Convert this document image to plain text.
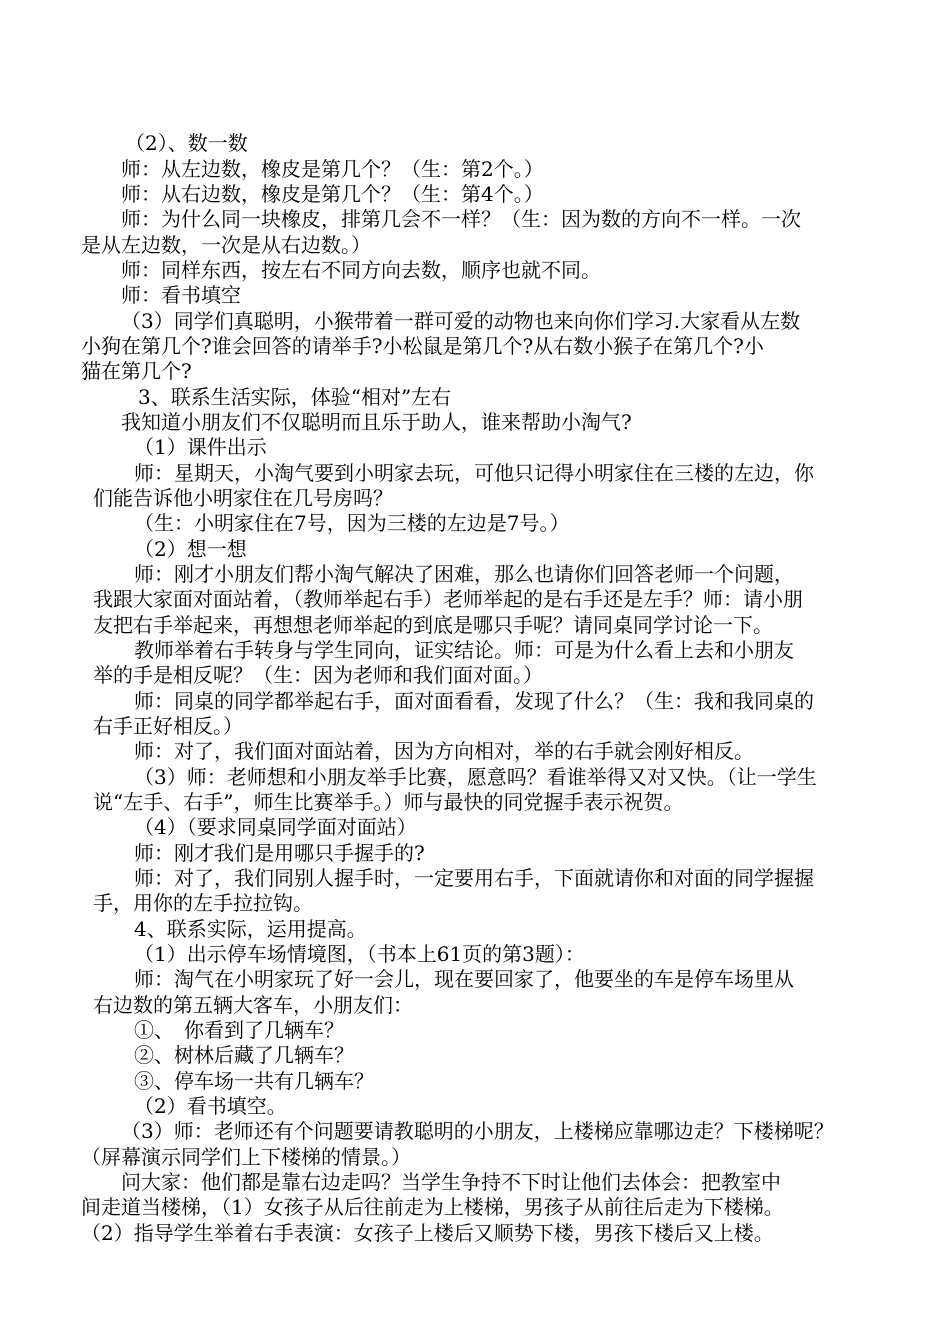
（2）、数一数

师：从左边数，橡皮是第几个？（生：第2个。）

师：从右边数，橡皮是第几个？（生：第4个。）

师：为什么同一块橡皮，排第几会不一样？（生：因为数的方向不一样。一次

是从左边数，一次是从右边数。）

师：同样东西，按左右不同方向去数，顺序也就不同。

师：看书填空

（3）同学们真聪明，小猴带着一群可爱的动物也来向你们学习.大家看从左数

小狗在第几个?谁会回答的请举手?小松鼠是第几个?从右数小猴子在第几个?小

猫在第几个?

3、联系生活实际，体验“相对”左右

我知道小朋友们不仅聪明而且乐于助人，谁来帮助小淘气?

（1）课件出示

师：星期天，小淘气要到小明家去玩，可他只记得小明家住在三楼的左边，你

们能告诉他小明家住在几号房吗？

（生：小明家住在7号，因为三楼的左边是7号。）

（2）想一想

师：刚才小朋友们帮小淘气解决了困难，那么也请你们回答老师一个问题，

我跟大家面对面站着，（教师举起右手）老师举起的是右手还是左手？师：请小朋

友把右手举起来，再想想老师举起的到底是哪只手呢？请同桌同学讨论一下。

教师举着右手转身与学生同向，证实结论。师：可是为什么看上去和小朋友

举的手是相反呢？（生：因为老师和我们面对面。）

师：同桌的同学都举起右手，面对面看看，发现了什么？（生：我和我同桌的

右手正好相反。）

师：对了，我们面对面站着，因为方向相对，举的右手就会刚好相反。

（3）师：老师想和小朋友举手比赛，愿意吗？看谁举得又对又快。（让一学生

说“左手、右手”，师生比赛举手。）师与最快的同党握手表示祝贺。

（4）（要求同桌同学面对面站）

师：刚才我们是用哪只手握手的?

师：对了，我们同别人握手时，一定要用右手，下面就请你和对面的同学握握

手，用你的左手拉拉钩。

4、联系实际，运用提高。

（1）出示停车场情境图，（书本上61页的第3题）：

师：淘气在小明家玩了好一会儿，现在要回家了，他要坐的车是停车场里从

右边数的第五辆大客车，小朋友们：

①、　你看到了几辆车？

②、树林后藏了几辆车？

③、停车场一共有几辆车？

（2）看书填空。

（3）师：老师还有个问题要请教聪明的小朋友，上楼梯应靠哪边走？下楼梯呢？

（屏幕演示同学们上下楼梯的情景。）

问大家：他们都是靠右边走吗？当学生争持不下时让他们去体会：把教室中

间走道当楼梯，（1）女孩子从后往前走为上楼梯，男孩子从前往后走为下楼梯。

（2）指导学生举着右手表演：女孩子上楼后又顺势下楼，男孩下楼后又上楼。
